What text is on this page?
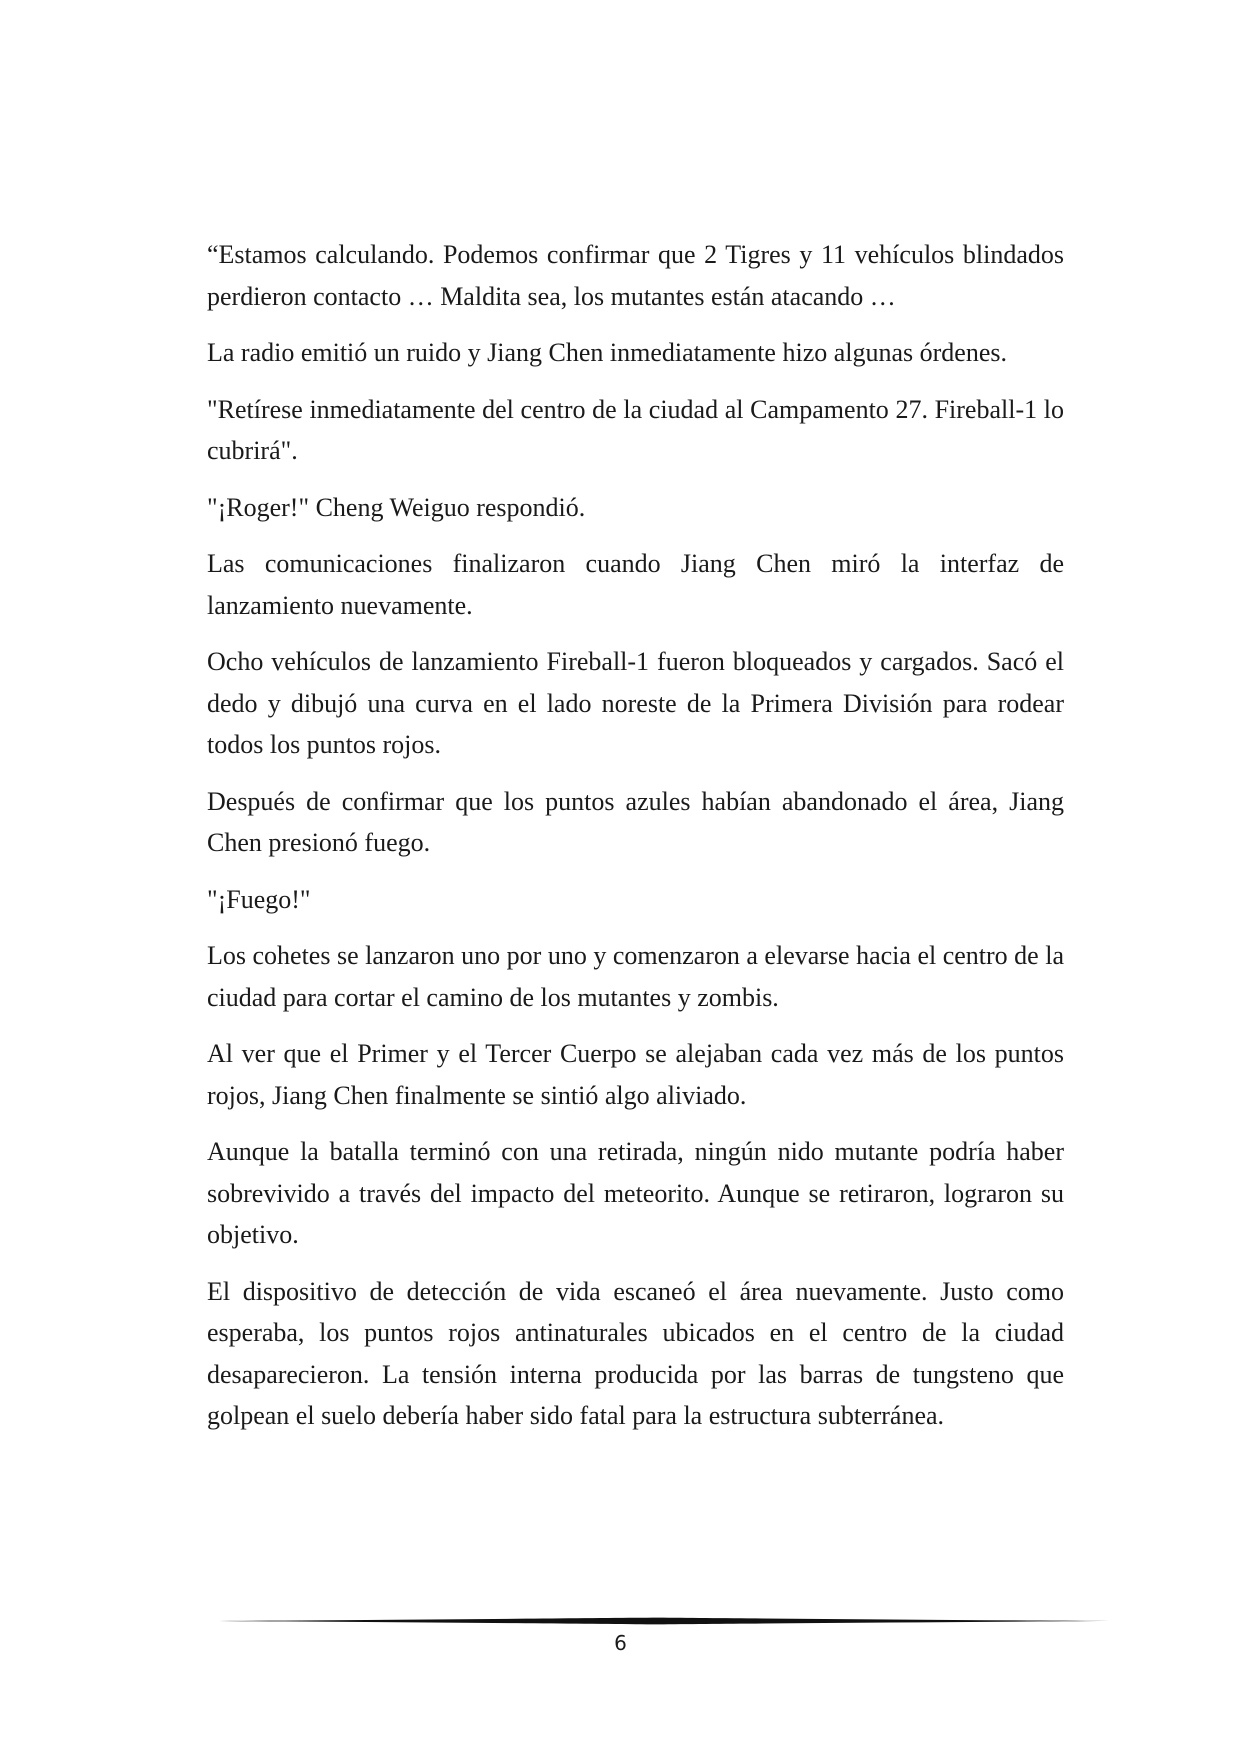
“Estamos calculando. Podemos confirmar que 2 Tigres y 11 vehículos blindados perdieron contacto … Maldita sea, los mutantes están atacando …

La radio emitió un ruido y Jiang Chen inmediatamente hizo algunas órdenes.

"Retírese inmediatamente del centro de la ciudad al Campamento 27. Fireball-1 lo cubrirá".

"¡Roger!" Cheng Weiguo respondió.

Las comunicaciones finalizaron cuando Jiang Chen miró la interfaz de lanzamiento nuevamente.

Ocho vehículos de lanzamiento Fireball-1 fueron bloqueados y cargados. Sacó el dedo y dibujó una curva en el lado noreste de la Primera División para rodear todos los puntos rojos.

Después de confirmar que los puntos azules habían abandonado el área, Jiang Chen presionó fuego.

"¡Fuego!"

Los cohetes se lanzaron uno por uno y comenzaron a elevarse hacia el centro de la ciudad para cortar el camino de los mutantes y zombis.

Al ver que el Primer y el Tercer Cuerpo se alejaban cada vez más de los puntos rojos, Jiang Chen finalmente se sintió algo aliviado.

Aunque la batalla terminó con una retirada, ningún nido mutante podría haber sobrevivido a través del impacto del meteorito. Aunque se retiraron, lograron su objetivo.

El dispositivo de detección de vida escaneó el área nuevamente. Justo como esperaba, los puntos rojos antinaturales ubicados en el centro de la ciudad desaparecieron. La tensión interna producida por las barras de tungsteno que golpean el suelo debería haber sido fatal para la estructura subterránea.

6
